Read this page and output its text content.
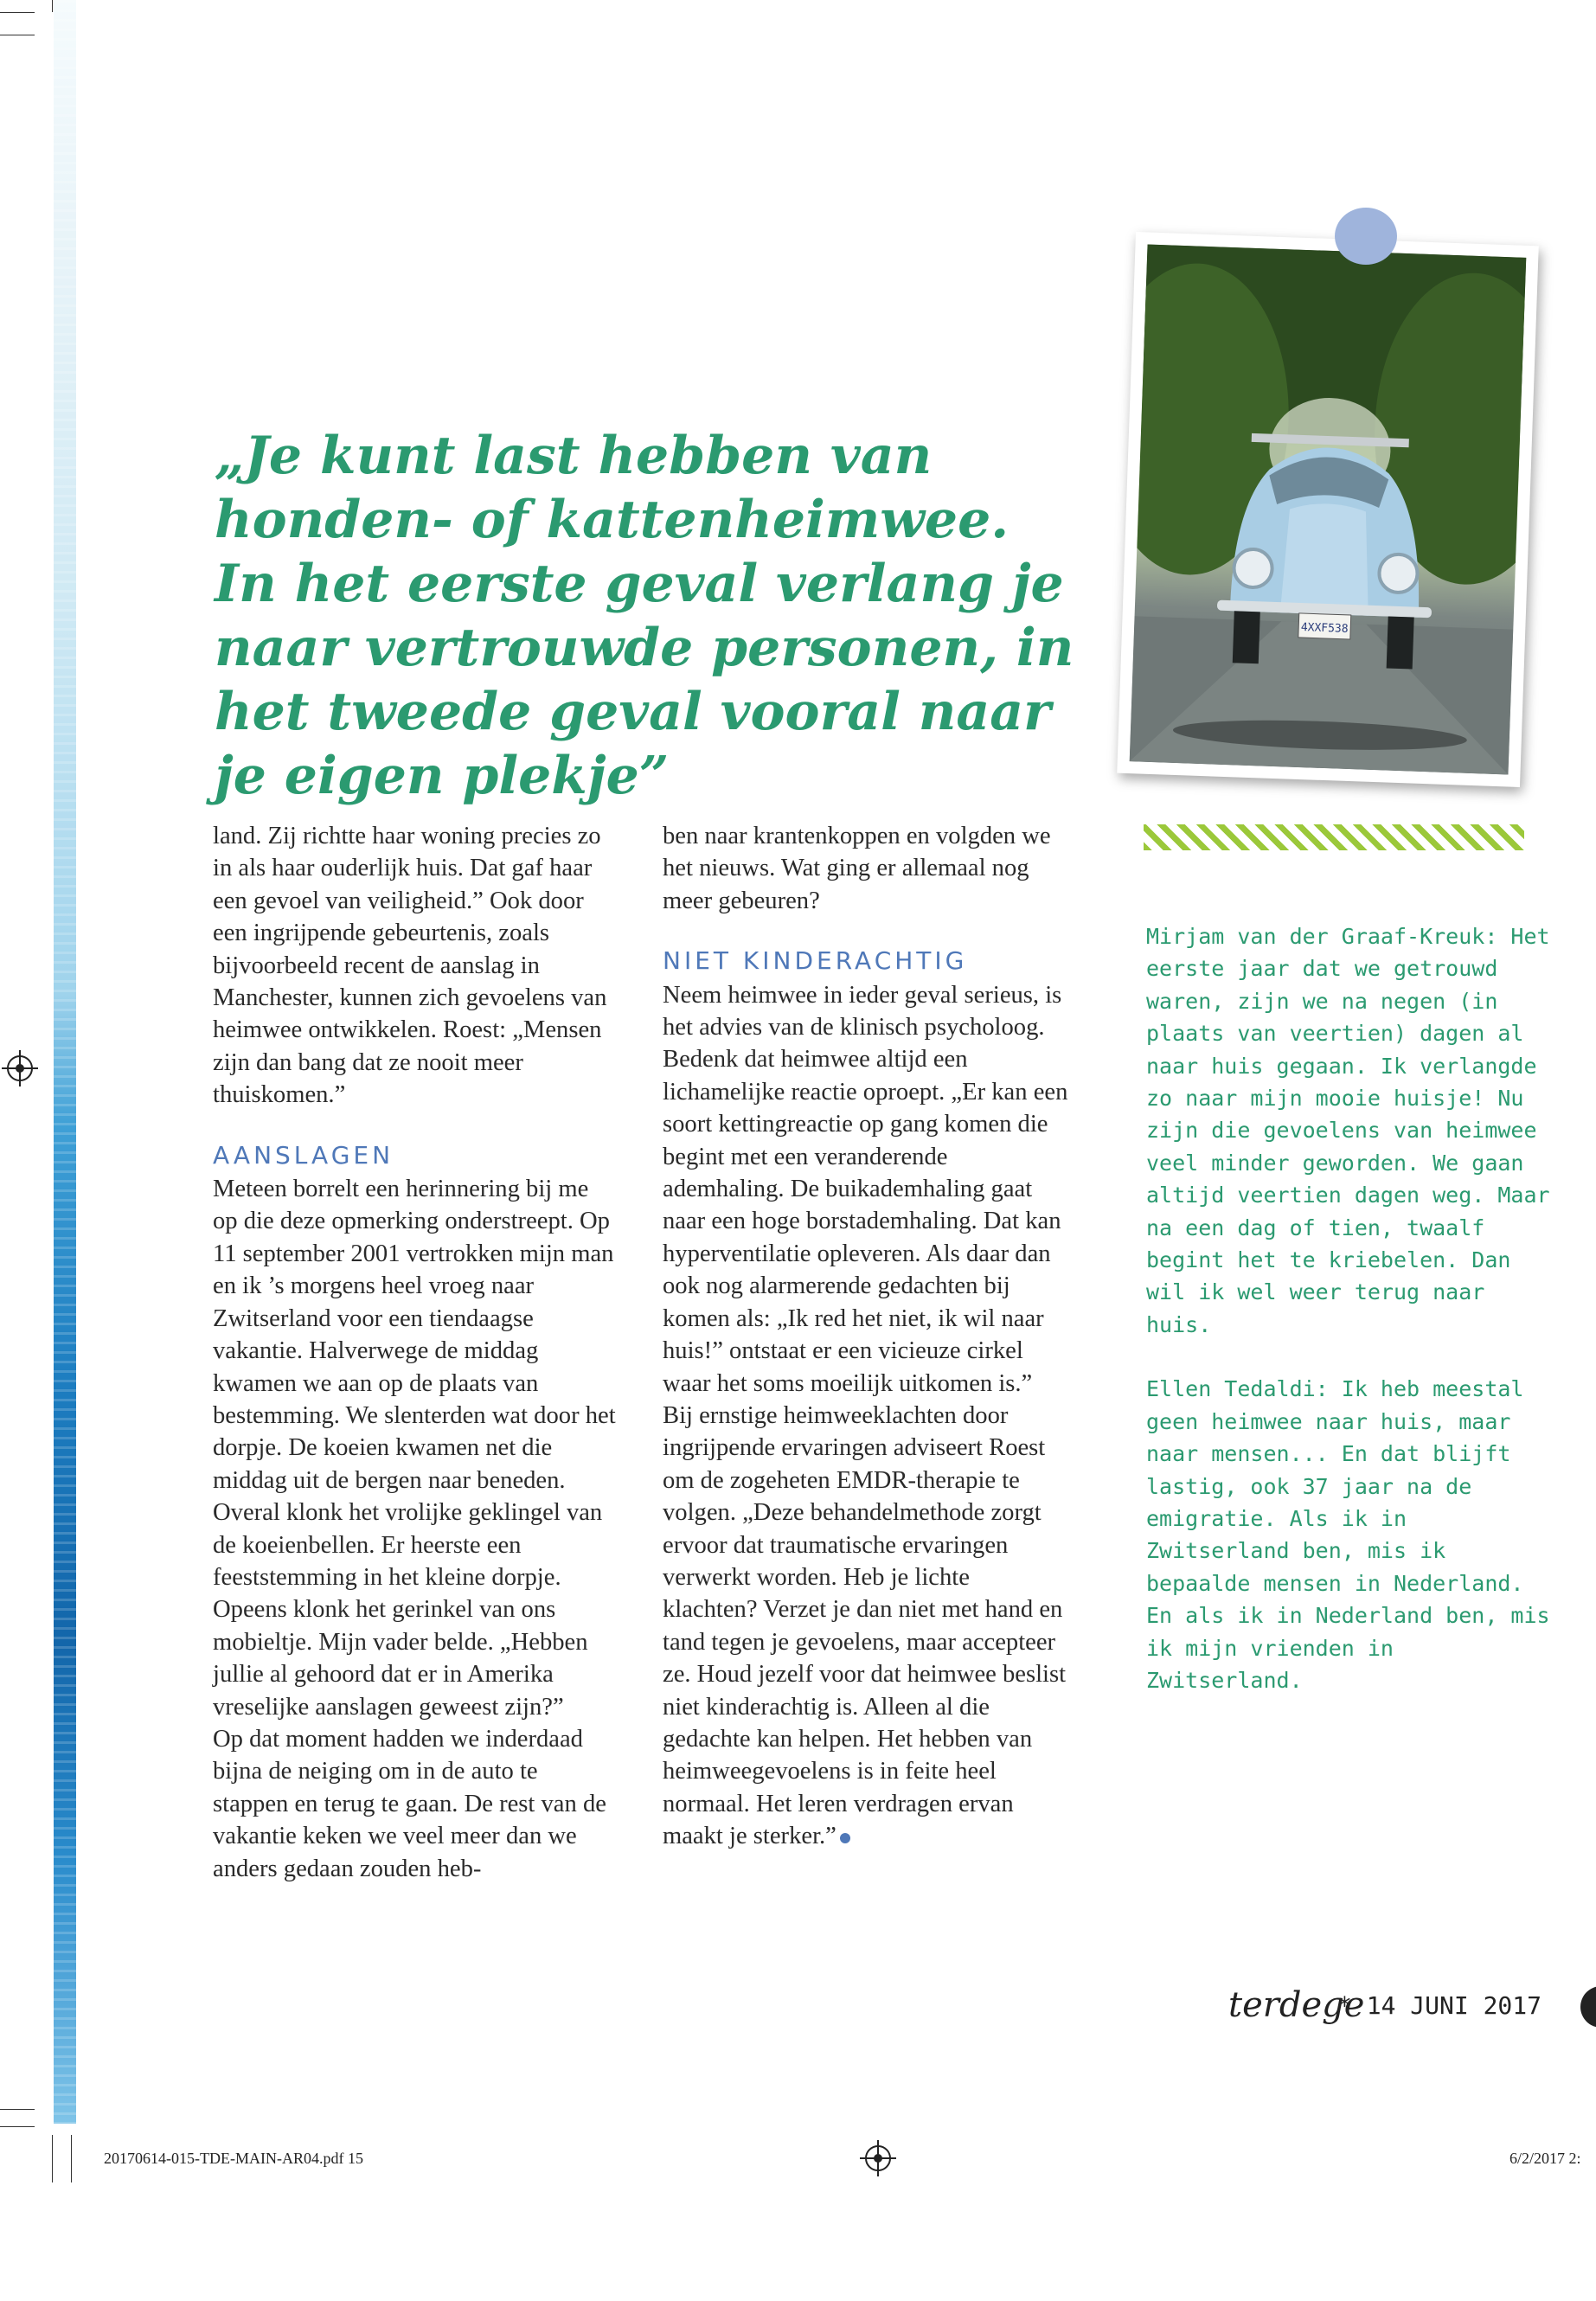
„Je kunt last hebben van honden- of kattenheimwee. In het eerste geval verlang je naar vertrouwde personen, in het tweede geval vooral naar je eigen plekje”
4XXF538

land. Zij richtte haar woning precies zo in als haar ouderlijk huis. Dat gaf haar een gevoel van veiligheid.” Ook door een ingrijpende gebeurtenis, zoals bijvoorbeeld recent de aanslag in Manchester, kunnen zich gevoelens van heimwee ontwikkelen. Roest: „Mensen zijn dan bang dat ze nooit meer thuiskomen.”

AANSLAGEN

Meteen borrelt een herinnering bij me op die deze opmerking onderstreept. Op 11 september 2001 vertrokken mijn man en ik ’s morgens heel vroeg naar Zwitserland voor een tiendaagse vakantie. Halverwege de middag kwamen we aan op de plaats van bestemming. We slenterden wat door het dorpje. De koeien kwamen net die middag uit de bergen naar beneden. Overal klonk het vrolijke geklingel van de koeienbellen. Er heerste een feeststemming in het kleine dorpje. Opeens klonk het gerinkel van ons mobieltje. Mijn vader belde. „Hebben jullie al gehoord dat er in Amerika vreselijke aanslagen geweest zijn?”

Op dat moment hadden we inderdaad bijna de neiging om in de auto te stappen en terug te gaan. De rest van de vakantie keken we veel meer dan we anders gedaan zouden heb-

ben naar krantenkoppen en volgden we het nieuws. Wat ging er allemaal nog meer gebeuren?

NIET KINDERACHTIG

Neem heimwee in ieder geval serieus, is het advies van de klinisch psycholoog. Bedenk dat heimwee altijd een lichamelijke reactie oproept. „Er kan een soort kettingreactie op gang komen die begint met een veranderende ademhaling. De buikademhaling gaat naar een hoge borstademhaling. Dat kan hyperventilatie opleveren. Als daar dan ook nog alarmerende gedachten bij komen als: „Ik red het niet, ik wil naar huis!” ontstaat er een vicieuze cirkel waar het soms moeilijk uitkomen is.”

Bij ernstige heimweeklachten door ingrijpende ervaringen adviseert Roest om de zogeheten EMDR-therapie te volgen. „Deze behandelmethode zorgt ervoor dat traumatische ervaringen verwerkt worden. Heb je lichte klachten? Verzet je dan niet met hand en tand tegen je gevoelens, maar accepteer ze. Houd jezelf voor dat heimwee beslist niet kinderachtig is. Alleen al die gedachte kan helpen. Het hebben van heimweegevoelens is in feite heel normaal. Het leren verdragen ervan maakt je sterker.”

Mirjam van der Graaf-Kreuk: Het eerste jaar dat we getrouwd waren, zijn we na negen (in plaats van veertien) dagen al naar huis gegaan. Ik verlangde zo naar mijn mooie huisje! Nu zijn die gevoelens van heimwee veel minder geworden. We gaan altijd veertien dagen weg. Maar na een dag of tien, twaalf begint het te kriebelen. Dan wil ik wel weer terug naar huis.

Ellen Tedaldi: Ik heb meestal geen heimwee naar huis, maar naar mensen... En dat blijft lastig, ook 37 jaar na de emigratie. Als ik in Zwitserland ben, mis ik bepaalde mensen in Nederland. En als ik in Nederland ben, mis ik mijn vrienden in Zwitserland.

terdege
* 14 JUNI 2017
20170614-015-TDE-MAIN-AR04.pdf 15	6/2/2017 2:
